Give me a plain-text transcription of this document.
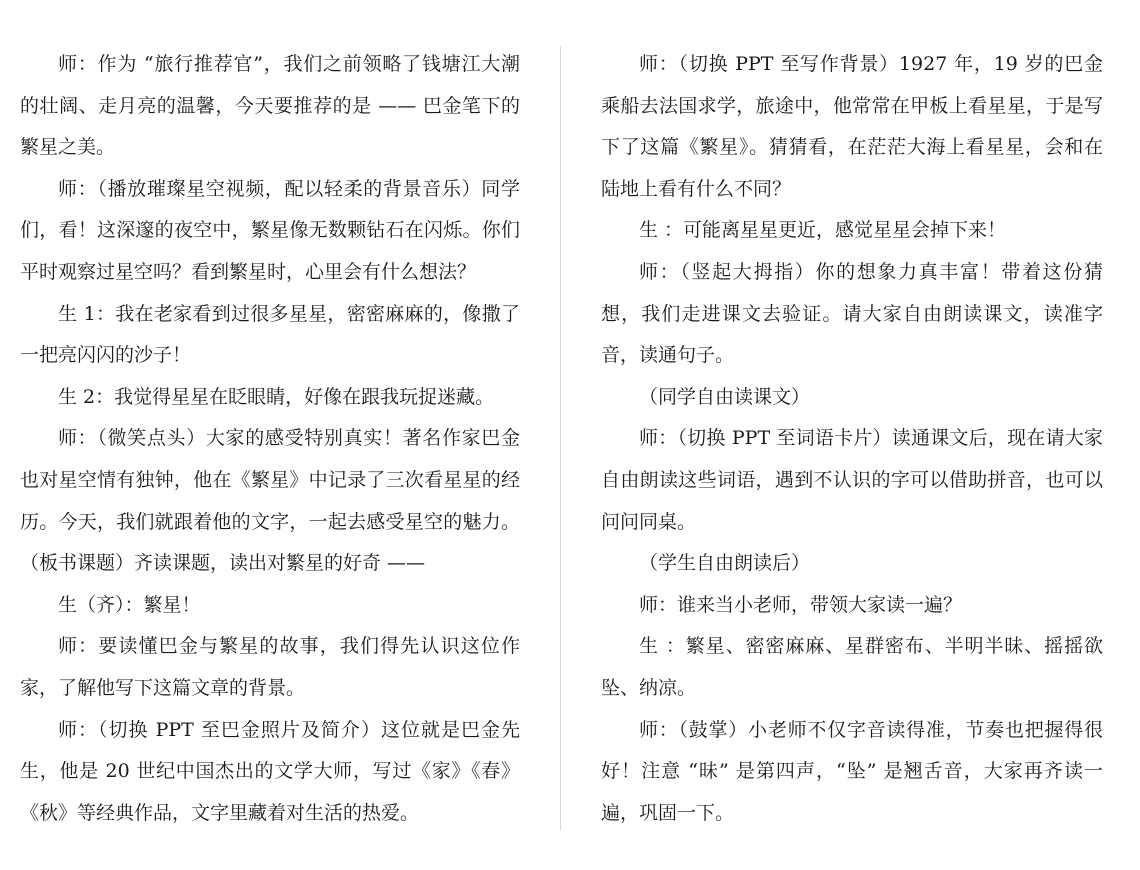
师：作为 “旅行推荐官”，我们之前领略了钱塘江大潮的壮阔、走月亮的温馨，今天要推荐的是 —— 巴金笔下的繁星之美。

师：（播放璀璨星空视频，配以轻柔的背景音乐）同学们，看！这深邃的夜空中，繁星像无数颗钻石在闪烁。你们平时观察过星空吗？看到繁星时，心里会有什么想法？

生 1：我在老家看到过很多星星，密密麻麻的，像撒了一把亮闪闪的沙子！

生 2：我觉得星星在眨眼睛，好像在跟我玩捉迷藏。

师：（微笑点头）大家的感受特别真实！著名作家巴金也对星空情有独钟，他在《繁星》中记录了三次看星星的经历。今天，我们就跟着他的文字，一起去感受星空的魅力。（板书课题）齐读课题，读出对繁星的好奇 ——

生（齐）：繁星！

师：要读懂巴金与繁星的故事，我们得先认识这位作家，了解他写下这篇文章的背景。

师：（切换 PPT 至巴金照片及简介）这位就是巴金先生，他是 20 世纪中国杰出的文学大师，写过《家》《春》《秋》等经典作品，文字里藏着对生活的热爱。

师：（切换 PPT 至写作背景）1927 年，19 岁的巴金乘船去法国求学，旅途中，他常常在甲板上看星星，于是写下了这篇《繁星》。猜猜看，在茫茫大海上看星星，会和在陆地上看有什么不同？

生 ：可能离星星更近，感觉星星会掉下来！

师：（竖起大拇指）你的想象力真丰富！带着这份猜想，我们走进课文去验证。请大家自由朗读课文，读准字音，读通句子。

（同学自由读课文）

师：（切换 PPT 至词语卡片）读通课文后，现在请大家自由朗读这些词语，遇到不认识的字可以借助拼音，也可以问问同桌。

（学生自由朗读后）

师：谁来当小老师，带领大家读一遍？

生 ：繁星、密密麻麻、星群密布、半明半昧、摇摇欲坠、纳凉。

师：（鼓掌）小老师不仅字音读得准，节奏也把握得很好！注意 “昧” 是第四声，“坠” 是翘舌音，大家再齐读一遍，巩固一下。
